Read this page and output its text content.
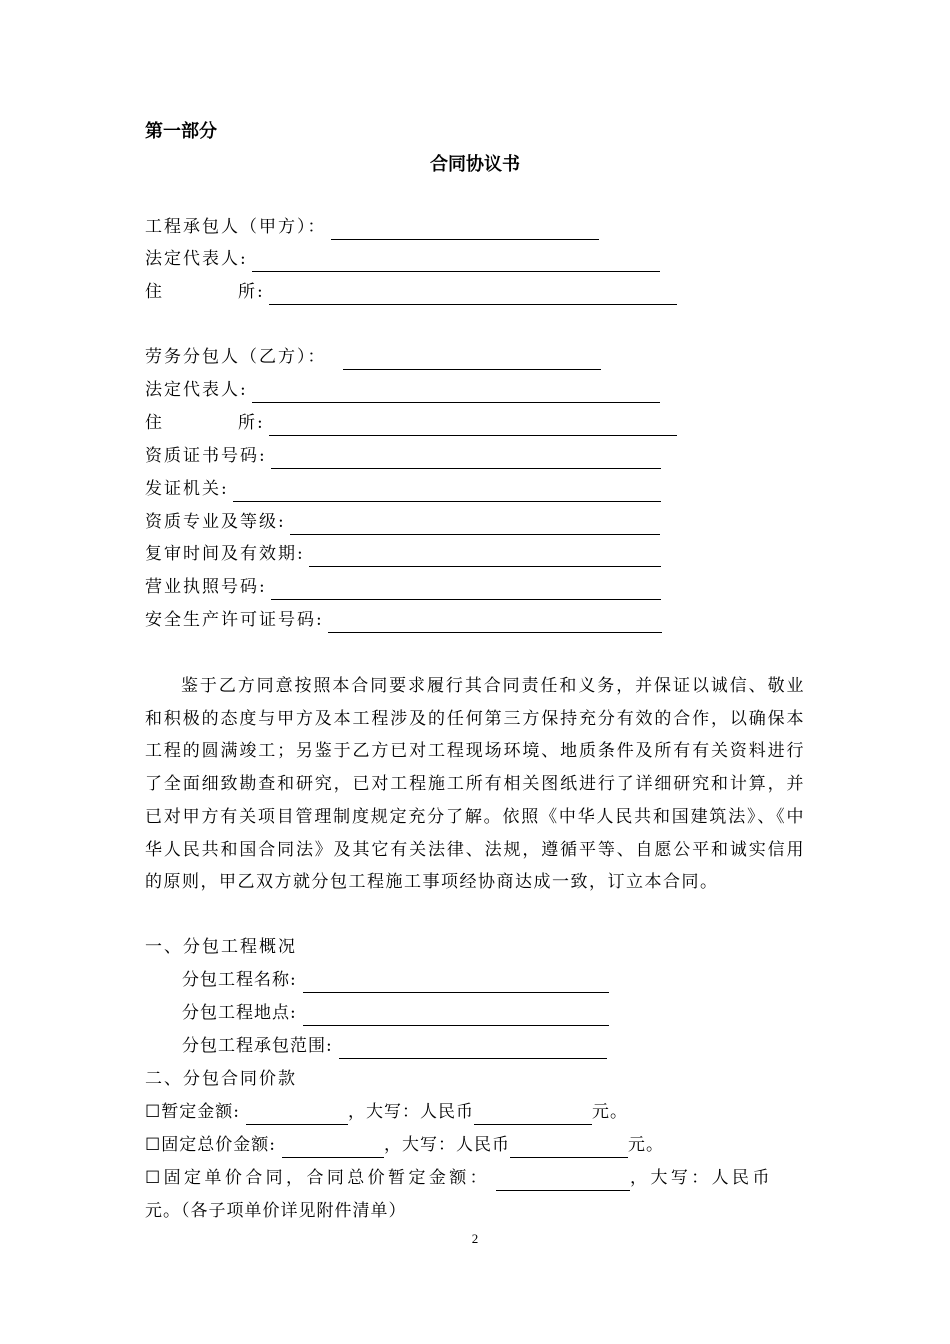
第一部分
合同协议书
工程承包人（甲方）：
法定代表人:
住          所:
劳务分包人（乙方）：
法定代表人:
住          所:
资质证书号码:
发证机关:
资质专业及等级:
复审时间及有效期:
营业执照号码:
安全生产许可证号码:
鉴于乙方同意按照本合同要求履行其合同责任和义务，并保证以诚信、敬业和积极的态度与甲方及本工程涉及的任何第三方保持充分有效的合作，以确保本工程的圆满竣工；另鉴于乙方已对工程现场环境、地质条件及所有有关资料进行了全面细致勘查和研究，已对工程施工所有相关图纸进行了详细研究和计算，并已对甲方有关项目管理制度规定充分了解。依照《中华人民共和国建筑法》、《中华人民共和国合同法》及其它有关法律、法规，遵循平等、自愿公平和诚实信用的原则，甲乙双方就分包工程施工事项经协商达成一致，订立本合同。
一、分包工程概况
分包工程名称:
分包工程地点:
分包工程承包范围:
二、分包合同价款
☐ 暂定金额:	，大写：人民币	元。
☐ 固定总价金额:	，大写：人民币	元。
☐ 固定单价合同，合同总价暂定金额：	，大写：人民币
元。（各子项单价详见附件清单）
2
